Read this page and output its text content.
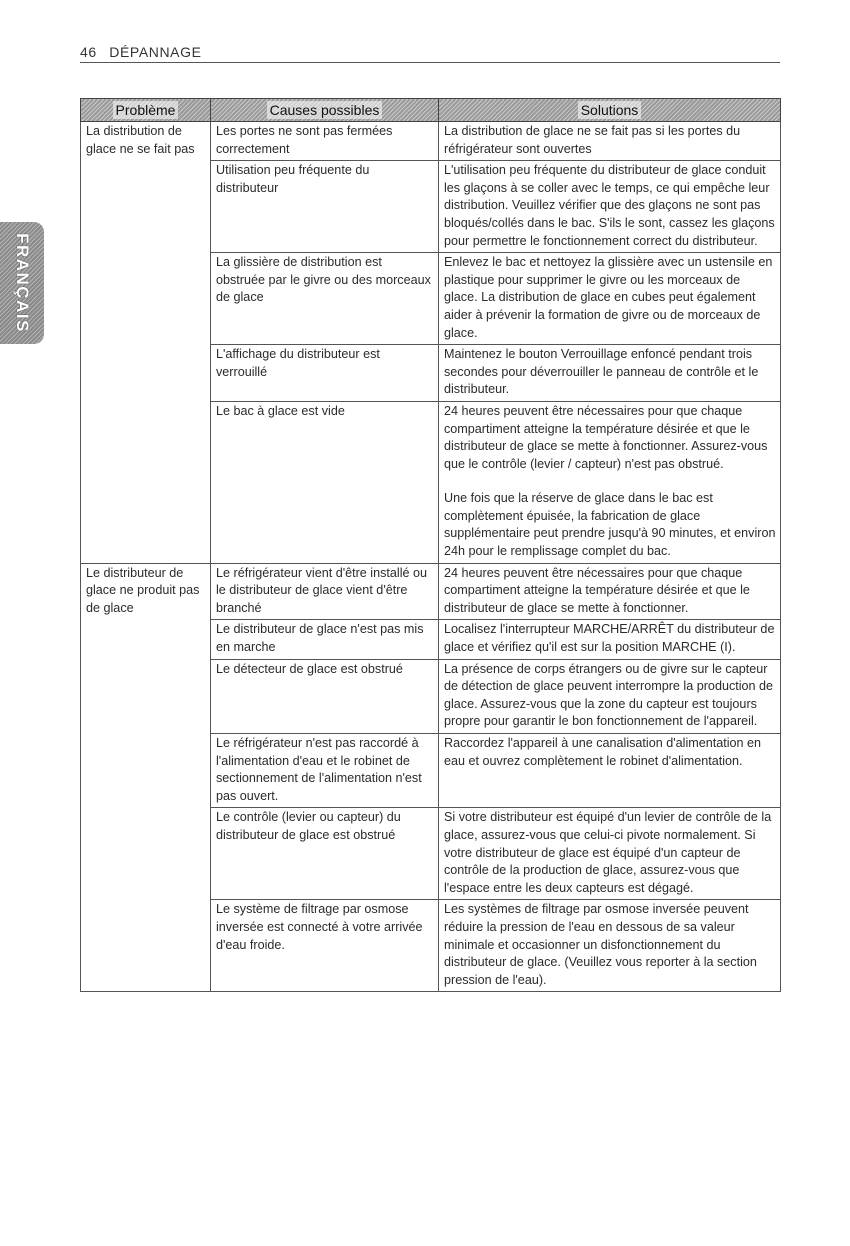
46 DÉPANNAGE
FRANÇAIS
Problème	Causes possibles	Solutions
La distribution de glace ne se fait pas	Les portes ne sont pas fermées correctement	La distribution de glace ne se fait pas si les portes du réfrigérateur sont ouvertes

	Utilisation peu fréquente du distributeur	L'utilisation peu fréquente du distributeur de glace conduit les glaçons à se coller avec le temps, ce qui empêche leur distribution. Veuillez vérifier que des glaçons ne sont pas bloqués/collés dans le bac. S'ils le sont, cassez les glaçons pour permettre le fonctionnement correct du distributeur.

	La glissière de distribution est obstruée par le givre ou des morceaux de glace	Enlevez le bac et nettoyez la glissière avec un ustensile en plastique pour supprimer le givre ou les morceaux de glace. La distribution de glace en cubes peut également aider à prévenir la formation de givre ou de morceaux de glace.

	L'affichage du distributeur est verrouillé	Maintenez le bouton Verrouillage enfoncé pendant trois secondes pour déverrouiller le panneau de contrôle et le distributeur.

	Le bac à glace est vide	24 heures peuvent être nécessaires pour que chaque compartiment atteigne la température désirée et que le distributeur de glace se mette à fonctionner. Assurez-vous que le contrôle (levier / capteur) n'est pas obstrué.
Une fois que la réserve de glace dans le bac est complètement épuisée, la fabrication de glace supplémentaire peut prendre jusqu'à 90 minutes, et environ 24h pour le remplissage complet du bac.

Le distributeur de glace ne produit pas de glace	Le réfrigérateur vient d'être installé ou le distributeur de glace vient d'être branché	24 heures peuvent être nécessaires pour que chaque compartiment atteigne la température désirée et que le distributeur de glace se mette à fonctionner.

	Le distributeur de glace n'est pas mis en marche	Localisez l'interrupteur MARCHE/ARRÊT du distributeur de glace et vérifiez qu'il est sur la position MARCHE (I).

	Le détecteur de glace est obstrué	La présence de corps étrangers ou de givre sur le capteur de détection de glace peuvent interrompre la production de glace. Assurez-vous que la zone du capteur est toujours propre pour garantir le bon fonctionnement de l'appareil.

	Le réfrigérateur n'est pas raccordé à l'alimentation d'eau et le robinet de sectionnement de l'alimentation n'est pas ouvert.	Raccordez l'appareil à une canalisation d'alimentation en eau et ouvrez complètement le robinet d'alimentation.

	Le contrôle (levier ou capteur) du distributeur de glace est obstrué	Si votre distributeur est équipé d'un levier de contrôle de la glace, assurez-vous que celui-ci pivote normalement. Si votre distributeur de glace est équipé d'un capteur de contrôle de la production de glace, assurez-vous que l'espace entre les deux capteurs est dégagé.

	Le système de filtrage par osmose inversée est connecté à votre arrivée d'eau froide.	Les systèmes de filtrage par osmose inversée peuvent réduire la pression de l'eau en dessous de sa valeur minimale et occasionner un disfonctionnement du distributeur de glace. (Veuillez vous reporter à la section pression de l'eau).
